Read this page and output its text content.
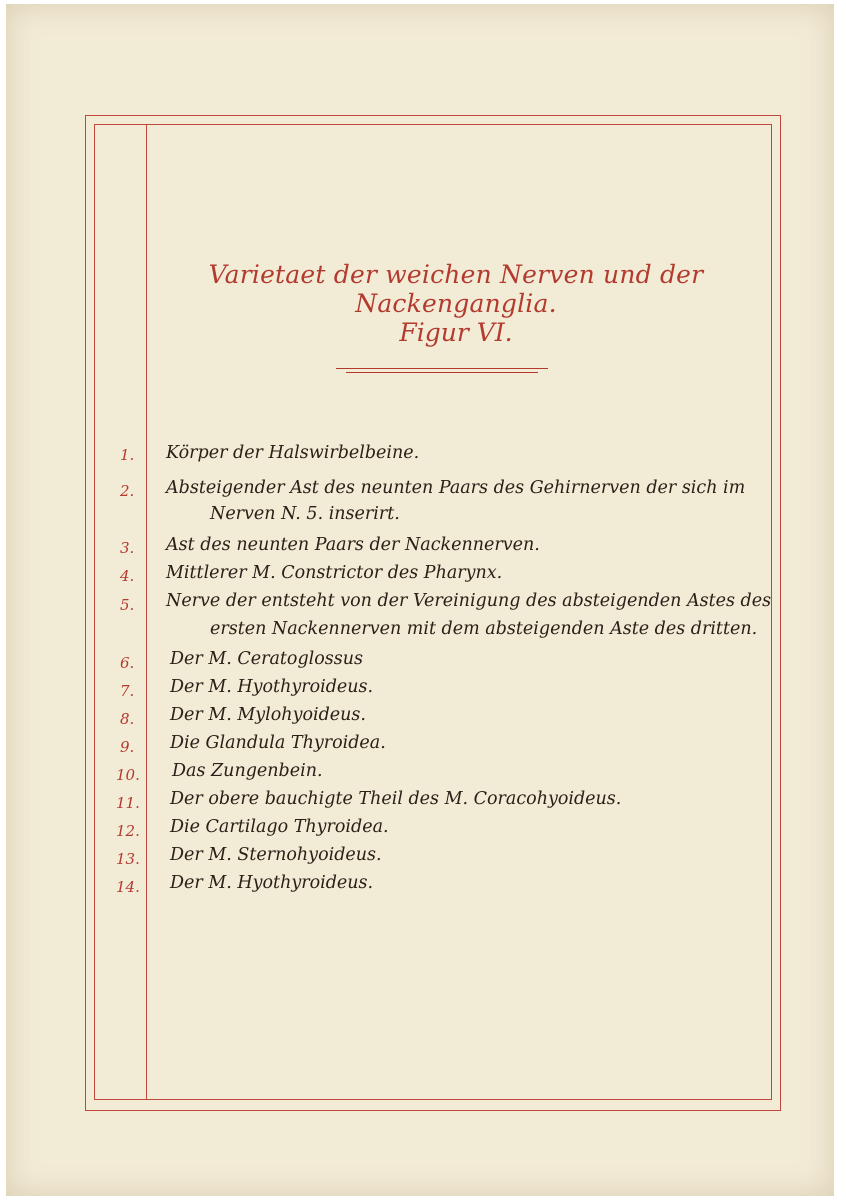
Varietaet der weichen Nerven und der Nackenganglia.
Figur VI.
1.	Körper der Halswirbelbeine.
2.	Absteigender Ast des neunten Paars des Gehirnerven der sich im
Nerven N. 5. inserirt.
3.	Ast des neunten Paars der Nackennerven.
4.	Mittlerer M. Constrictor des Pharynx.
5.	Nerve der entsteht von der Vereinigung des absteigenden Astes des
ersten Nackennerven mit dem absteigenden Aste des dritten.
6.	Der M. Ceratoglossus
7.	Der M. Hyothyroideus.
8.	Der M. Mylohyoideus.
9.	Die Glandula Thyroidea.
10.	Das Zungenbein.
11.	Der obere bauchigte Theil des M. Coracohyoideus.
12.	Die Cartilago Thyroidea.
13.	Der M. Sternohyoideus.
14.	Der M. Hyothyroideus.
